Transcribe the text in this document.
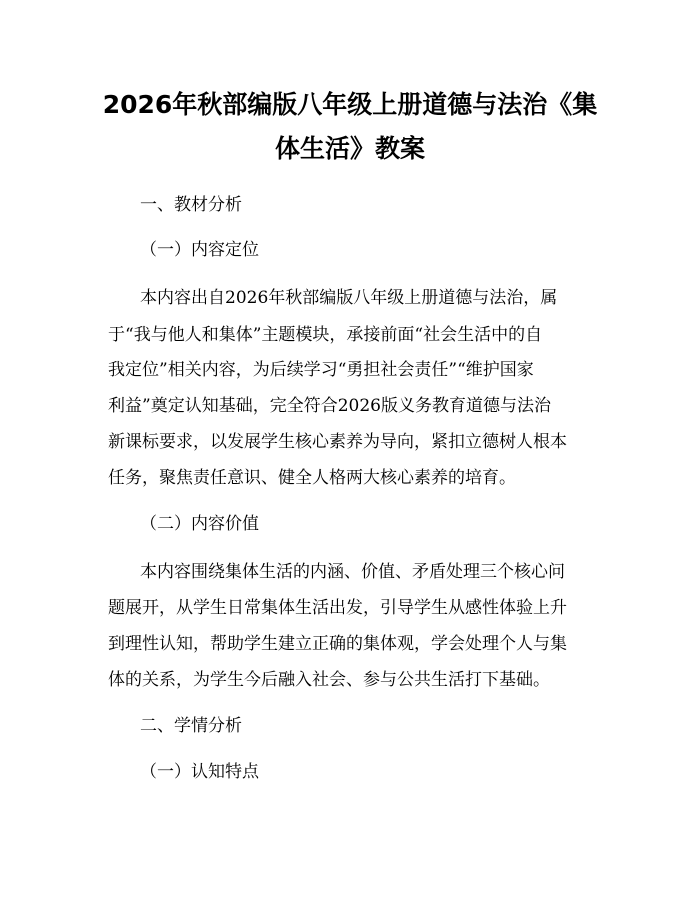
2026年秋部编版八年级上册道德与法治《集
体生活》教案

一、教材分析

（一）内容定位

本内容出自2026年秋部编版八年级上册道德与法治，属

于“我与他人和集体”主题模块，承接前面“社会生活中的自

我定位”相关内容，为后续学习“勇担社会责任”“维护国家

利益”奠定认知基础，完全符合2026版义务教育道德与法治

新课标要求，以发展学生核心素养为导向，紧扣立德树人根本

任务，聚焦责任意识、健全人格两大核心素养的培育。

（二）内容价值

本内容围绕集体生活的内涵、价值、矛盾处理三个核心问

题展开，从学生日常集体生活出发，引导学生从感性体验上升

到理性认知，帮助学生建立正确的集体观，学会处理个人与集

体的关系，为学生今后融入社会、参与公共生活打下基础。

二、学情分析

（一）认知特点
